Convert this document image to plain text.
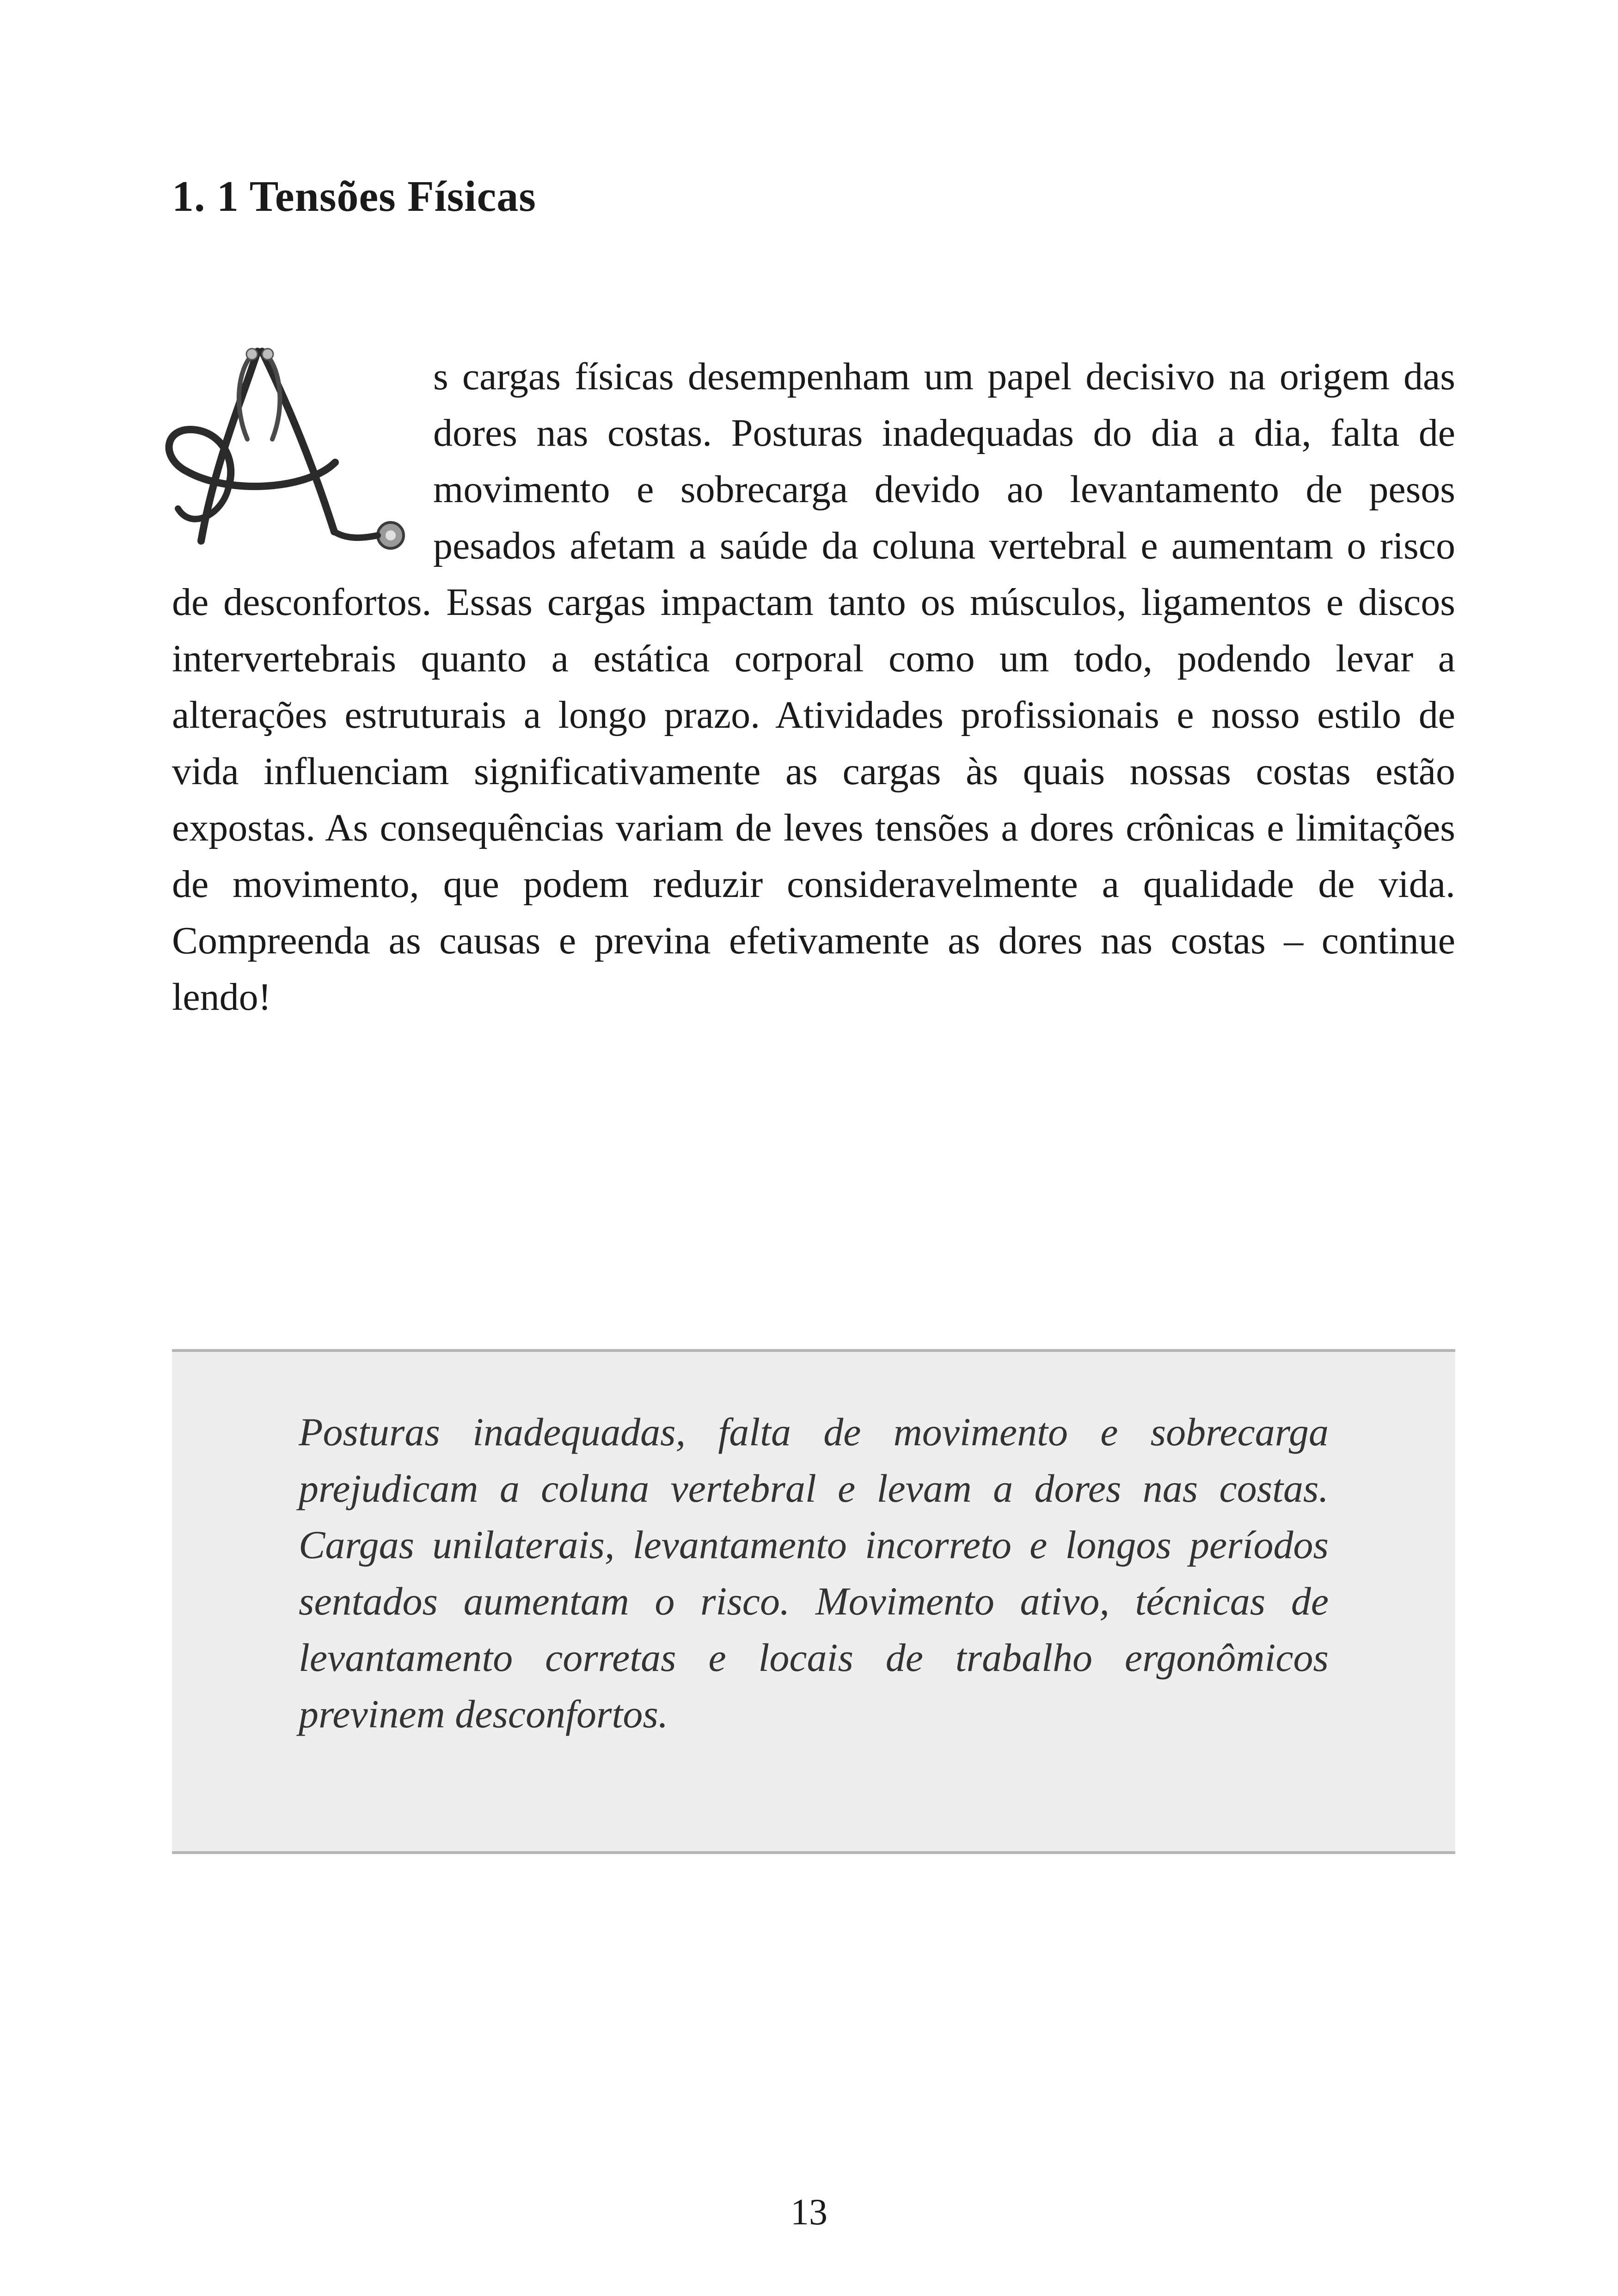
1. 1 Tensões Físicas

s cargas físicas desempenham um papel decisivo na origem das dores nas costas. Posturas inadequadas do dia a dia, falta de movimento e sobrecarga devido ao levantamento de pesos pesados afetam a saúde da coluna vertebral e aumentam o risco de desconfortos. Essas cargas impactam tanto os músculos, ligamentos e discos intervertebrais quanto a estática corporal como um todo, podendo levar a alterações estruturais a longo prazo. Atividades profissionais e nosso estilo de vida influenciam significativamente as cargas às quais nossas costas estão expostas. As consequências variam de leves tensões a dores crônicas e limitações de movimento, que podem reduzir consideravelmente a qualidade de vida. Compreenda as causas e previna efetivamente as dores nas costas – continue lendo!

Posturas inadequadas, falta de movimento e sobrecarga prejudicam a coluna vertebral e levam a dores nas costas. Cargas unilaterais, levantamento incorreto e longos períodos sentados aumentam o risco. Movimento ativo, técnicas de levantamento corretas e locais de trabalho ergonômicos previnem desconfortos.

13
